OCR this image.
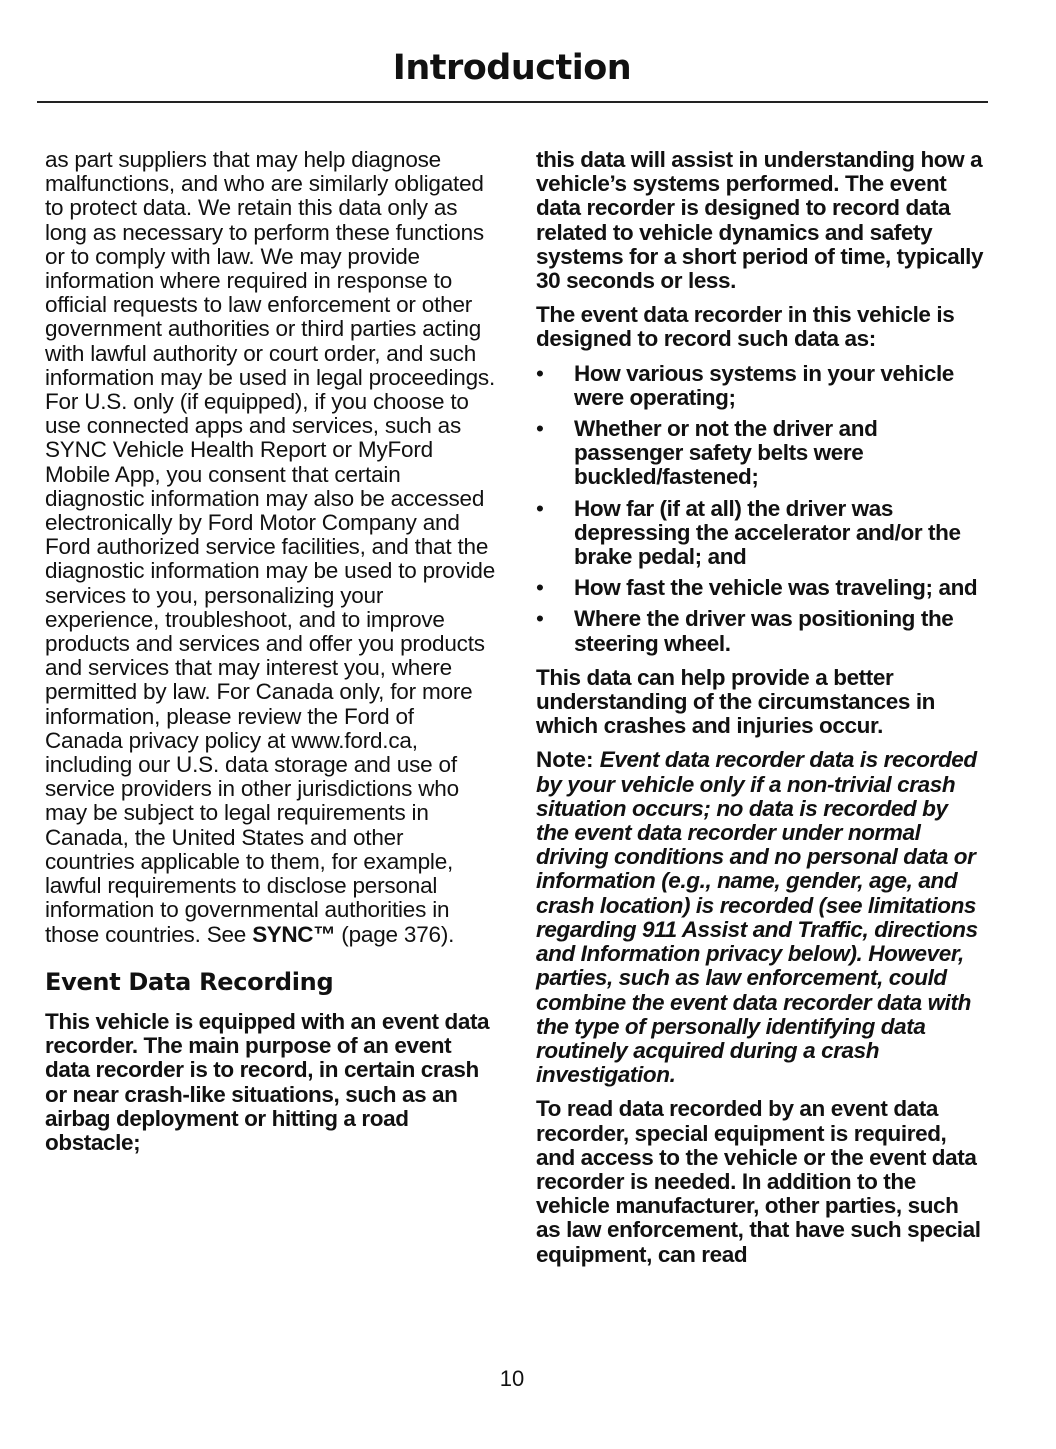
Introduction

as part suppliers that may help diagnose malfunctions, and who are similarly obligated to protect data. We retain this data only as long as necessary to perform these functions or to comply with law. We may provide information where required in response to official requests to law enforcement or other government authorities or third parties acting with lawful authority or court order, and such information may be used in legal proceedings. For U.S. only (if equipped), if you choose to use connected apps and services, such as SYNC Vehicle Health Report or MyFord Mobile App, you consent that certain diagnostic information may also be accessed electronically by Ford Motor Company and Ford authorized service facilities, and that the diagnostic information may be used to provide services to you, personalizing your experience, troubleshoot, and to improve products and services and offer you products and services that may interest you, where permitted by law. For Canada only, for more information, please review the Ford of Canada privacy policy at www.ford.ca, including our U.S. data storage and use of service providers in other jurisdictions who may be subject to legal requirements in Canada, the United States and other countries applicable to them, for example, lawful requirements to disclose personal information to governmental authorities in those countries. See SYNC™ (page 376).

Event Data Recording

This vehicle is equipped with an event data recorder. The main purpose of an event data recorder is to record, in certain crash or near crash-like situations, such as an airbag deployment or hitting a road obstacle;

this data will assist in understanding how a vehicle’s systems performed. The event data recorder is designed to record data related to vehicle dynamics and safety systems for a short period of time, typically 30 seconds or less.

The event data recorder in this vehicle is designed to record such data as:

• How various systems in your vehicle were operating;
• Whether or not the driver and passenger safety belts were buckled/fastened;
• How far (if at all) the driver was depressing the accelerator and/or the brake pedal; and
• How fast the vehicle was traveling; and
• Where the driver was positioning the steering wheel.

This data can help provide a better understanding of the circumstances in which crashes and injuries occur.

Note: Event data recorder data is recorded by your vehicle only if a non-trivial crash situation occurs; no data is recorded by the event data recorder under normal driving conditions and no personal data or information (e.g., name, gender, age, and crash location) is recorded (see limitations regarding 911 Assist and Traffic, directions and Information privacy below). However, parties, such as law enforcement, could combine the event data recorder data with the type of personally identifying data routinely acquired during a crash investigation.

To read data recorded by an event data recorder, special equipment is required, and access to the vehicle or the event data recorder is needed. In addition to the vehicle manufacturer, other parties, such as law enforcement, that have such special equipment, can read

10
